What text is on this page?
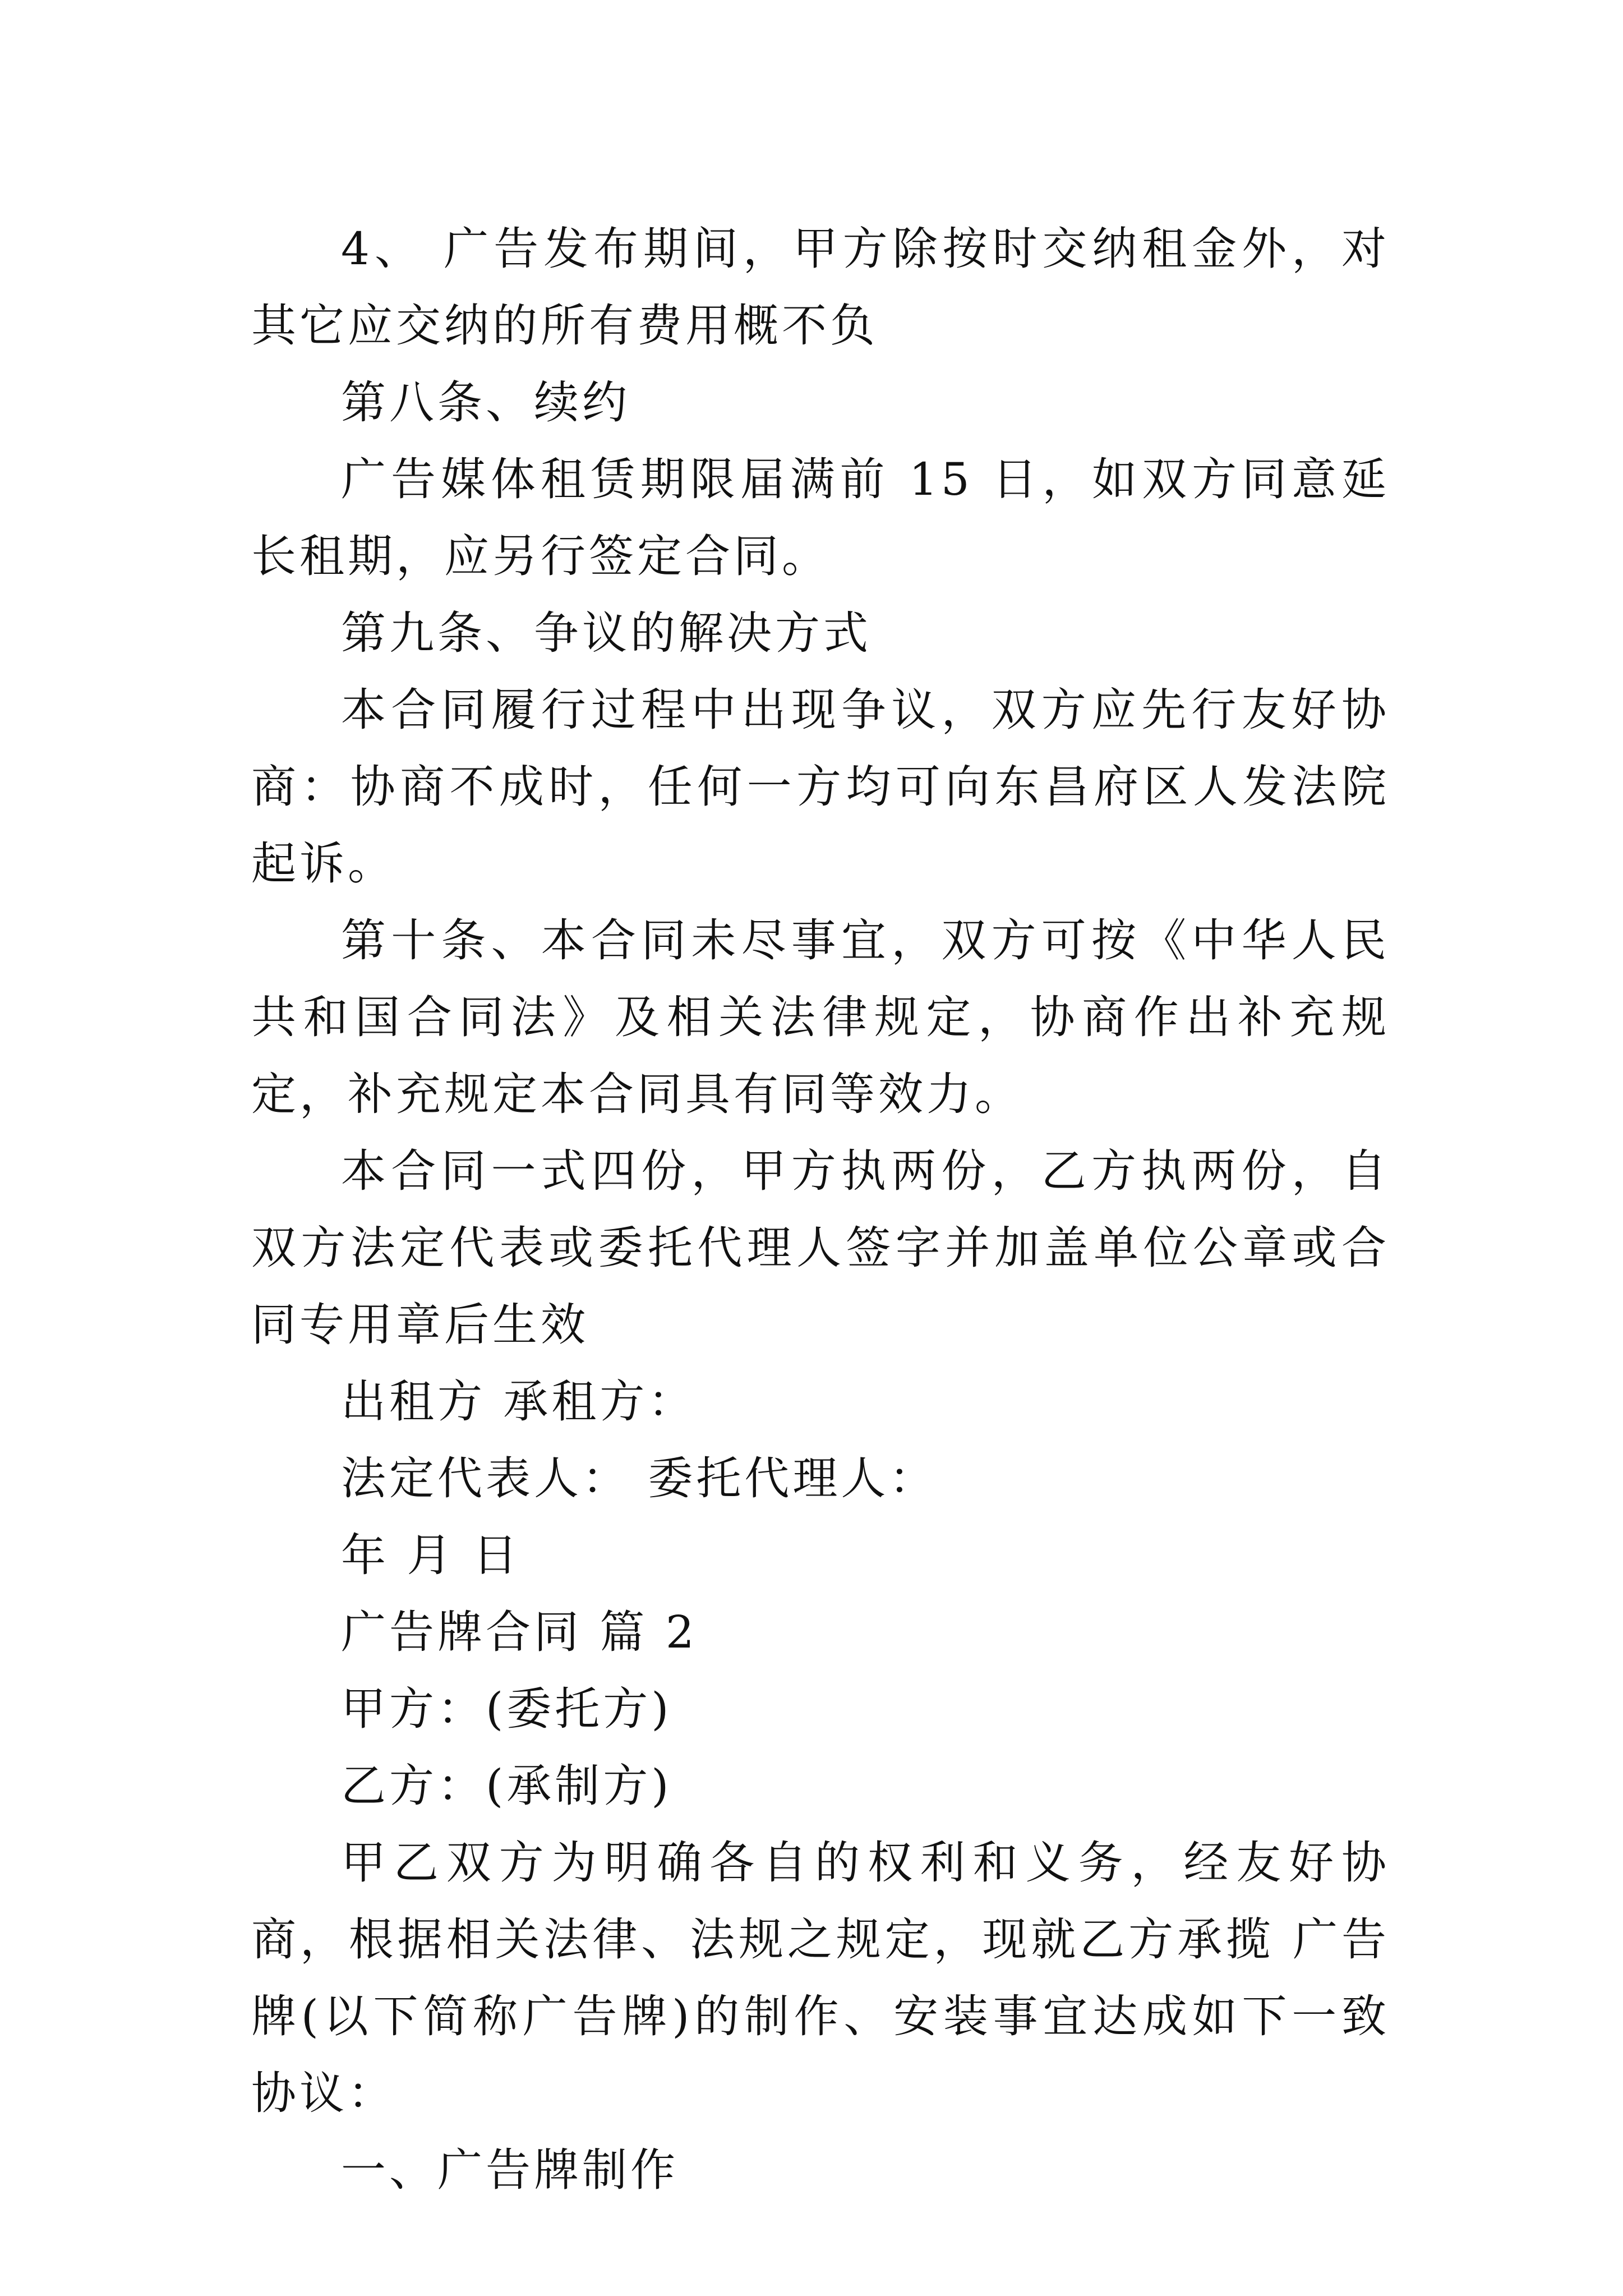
4、 广告发布期间，甲方除按时交纳租金外，对其它应交纳的所有费用概不负

第八条、续约

广告媒体租赁期限届满前 15 日，如双方同意延长租期，应另行签定合同。

第九条、争议的解决方式

本合同履行过程中出现争议，双方应先行友好协商：协商不成时，任何一方均可向东昌府区人发法院起诉。

第十条、本合同未尽事宜，双方可按《中华人民共和国合同法》及相关法律规定，协商作出补充规定，补充规定本合同具有同等效力。

本合同一式四份，甲方执两份，乙方执两份，自双方法定代表或委托代理人签字并加盖单位公章或合同专用章后生效

出租方 承租方：

法定代表人： 委托代理人：

年 月 日

广告牌合同 篇 2

甲方：(委托方)

乙方：(承制方)

甲乙双方为明确各自的权利和义务，经友好协商，根据相关法律、法规之规定，现就乙方承揽 广告牌(以下简称广告牌)的制作、安装事宜达成如下一致协议：

一、广告牌制作
